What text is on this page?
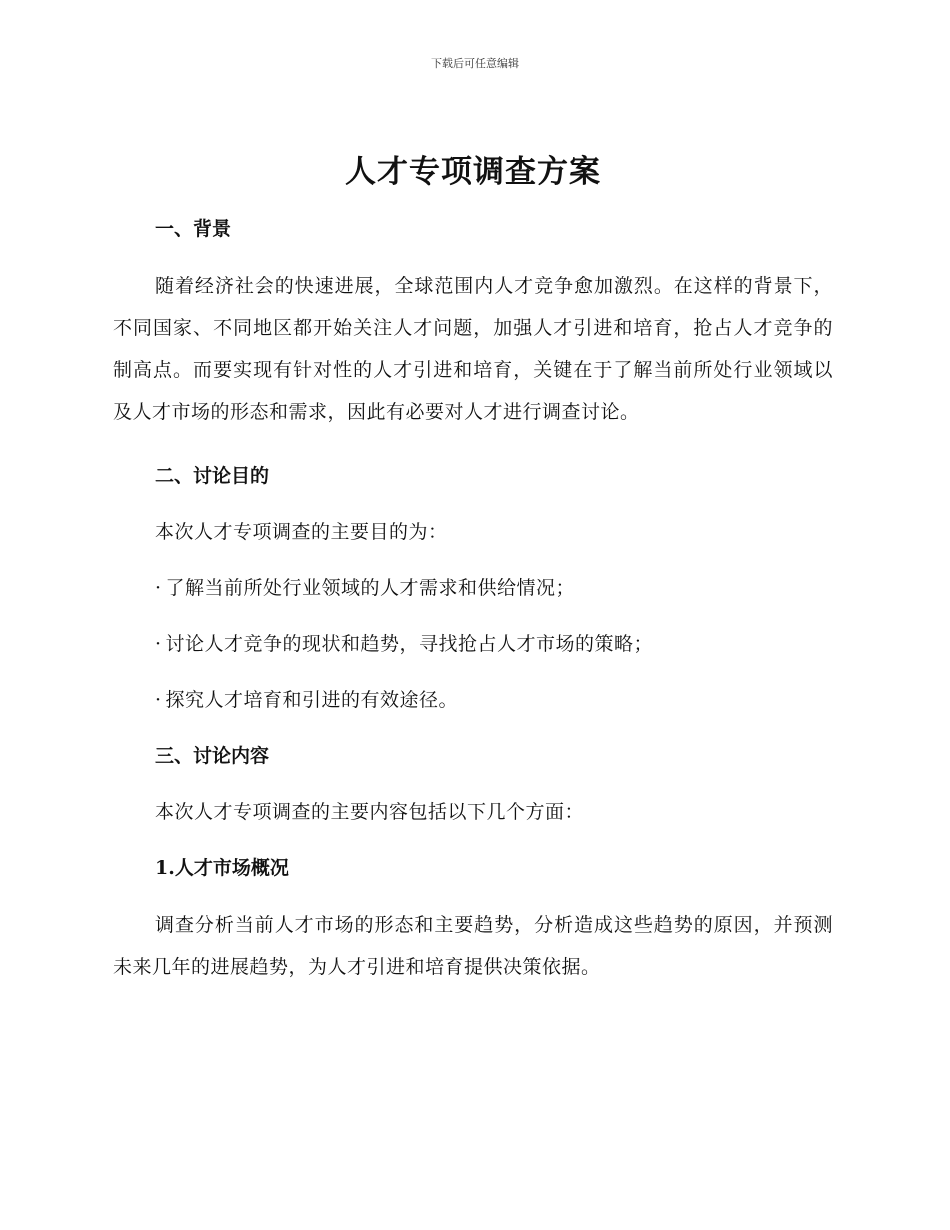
下载后可任意编辑
人才专项调查方案
一、背景

随着经济社会的快速进展，全球范围内人才竞争愈加激烈。在这样的背景下，不同国家、不同地区都开始关注人才问题，加强人才引进和培育，抢占人才竞争的制高点。而要实现有针对性的人才引进和培育，关键在于了解当前所处行业领域以及人才市场的形态和需求，因此有必要对人才进行调查讨论。

二、讨论目的

本次人才专项调查的主要目的为：

· 了解当前所处行业领域的人才需求和供给情况；

· 讨论人才竞争的现状和趋势，寻找抢占人才市场的策略；

· 探究人才培育和引进的有效途径。

三、讨论内容

本次人才专项调查的主要内容包括以下几个方面：

1.人才市场概况

调查分析当前人才市场的形态和主要趋势，分析造成这些趋势的原因，并预测未来几年的进展趋势，为人才引进和培育提供决策依据。
